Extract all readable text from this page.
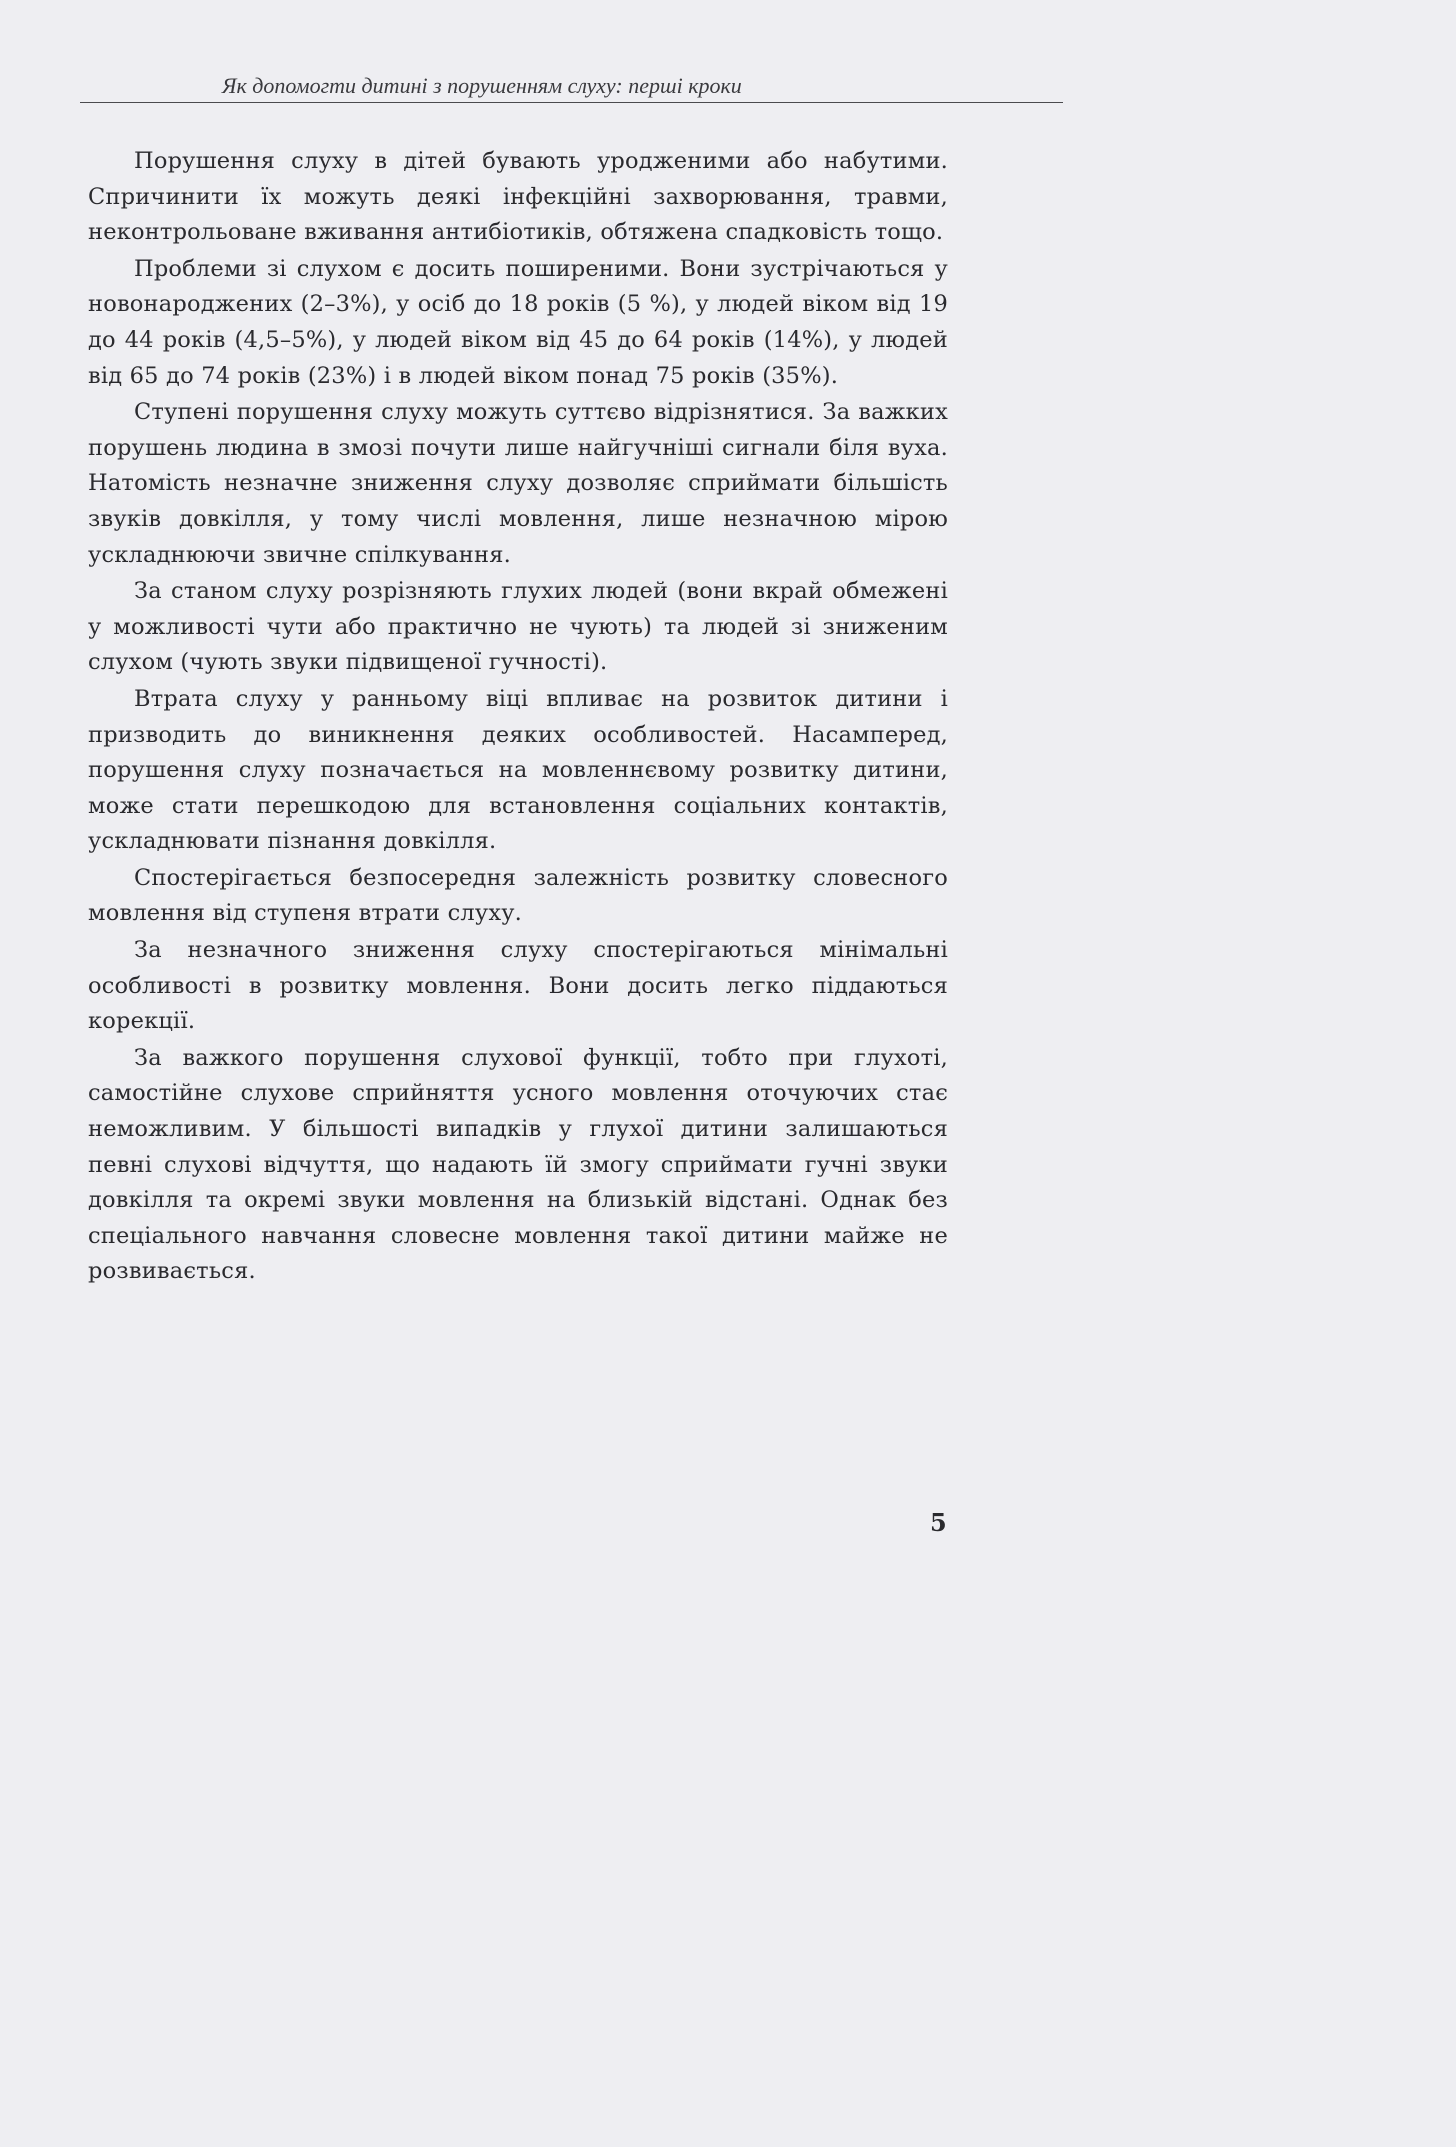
Як допомогти дитині з порушенням слуху: перші кроки

Порушення слуху в дітей бувають уродженими або набутими. Спричинити їх можуть деякі інфекційні захворювання, травми, неконтрольоване вживання антибіотиків, обтяжена спадковість тощо.

Проблеми зі слухом є досить поширеними. Вони зустрічаються у новонароджених (2–3%), у осіб до 18 років (5 %), у людей віком від 19 до 44 років (4,5–5%), у людей віком від 45 до 64 років (14%), у людей від 65 до 74 років (23%) і в людей віком понад 75 років (35%).

Ступені порушення слуху можуть суттєво відрізнятися. За важких порушень людина в змозі почути лише найгучніші сигнали біля вуха. Натомість незначне зниження слуху дозволяє сприймати більшість звуків довкілля, у тому числі мовлення, лише незначною мірою ускладнюючи звичне спілкування.

За станом слуху розрізняють глухих людей (вони вкрай обмежені у можливості чути або практично не чують) та людей зі зниженим слухом (чують звуки підвищеної гучності).

Втрата слуху у ранньому віці впливає на розвиток дитини і призводить до виникнення деяких особливостей. Насамперед, порушення слуху позначається на мовленнєвому розвитку дитини, може стати перешкодою для встановлення соціальних контактів, ускладнювати пізнання довкілля.

Спостерігається безпосередня залежність розвитку словесного мовлення від ступеня втрати слуху.

За незначного зниження слуху спостерігаються мінімальні особливості в розвитку мовлення. Вони досить легко піддаються корекції.

За важкого порушення слухової функції, тобто при глухоті, самостійне слухове сприйняття усного мовлення оточуючих стає неможливим. У більшості випадків у глухої дитини залишаються певні слухові відчуття, що надають їй змогу сприймати гучні звуки довкілля та окремі звуки мовлення на близькій відстані. Однак без спеціального навчання словесне мовлення такої дитини майже не розвивається.

5
